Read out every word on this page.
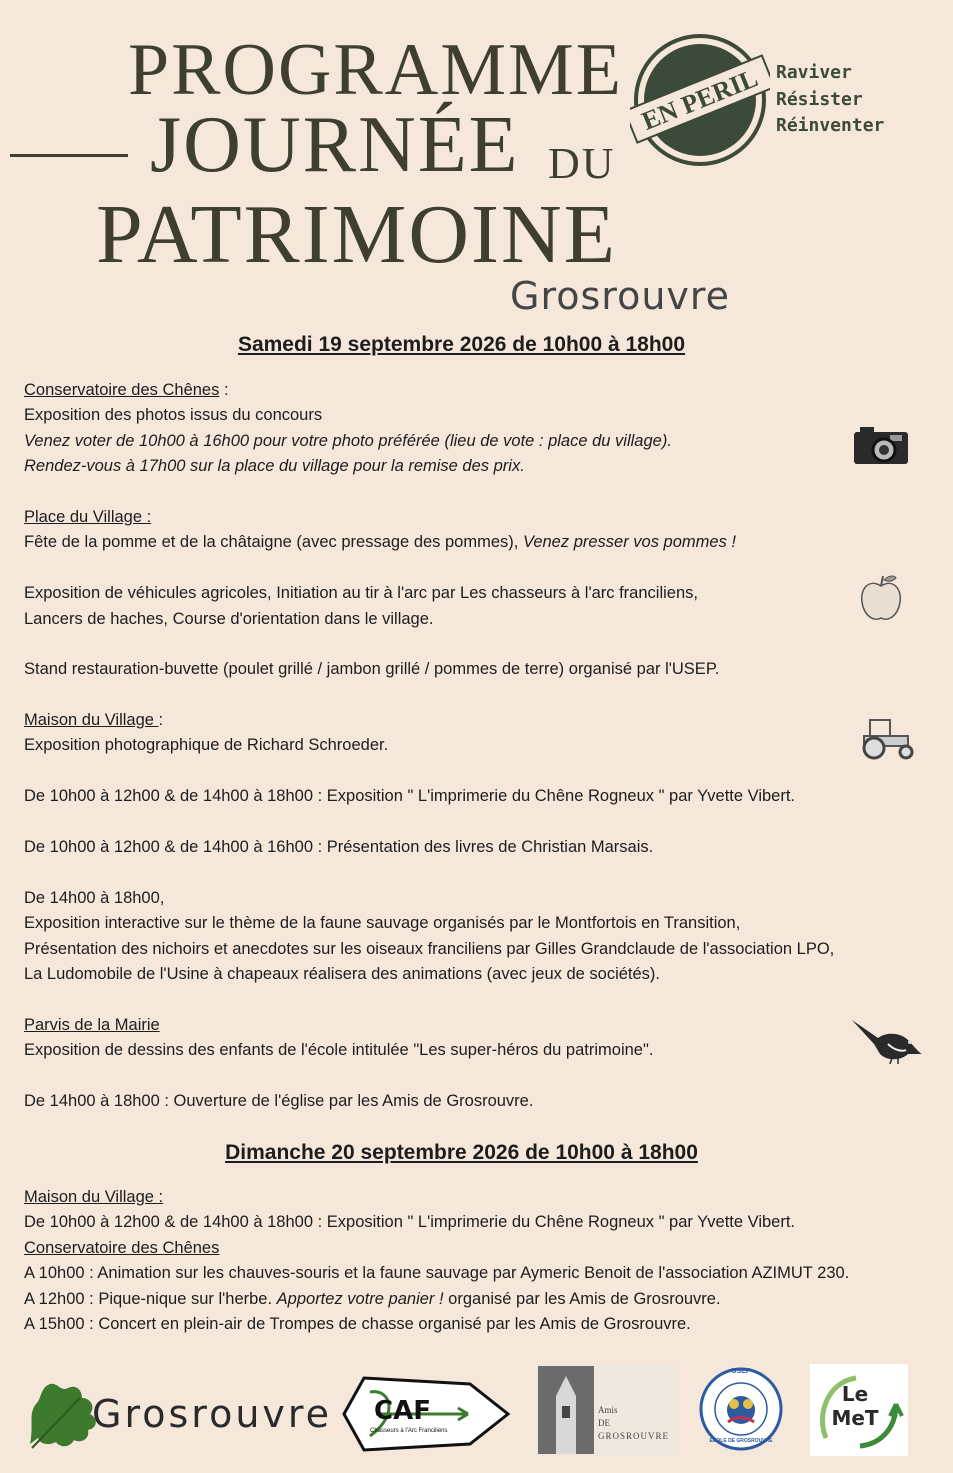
PROGRAMME
JOURNÉE DU
PATRIMOINE
Grosrouvre
EN PERIL Raviver
Résister
Réinventer
Samedi 19 septembre 2026 de 10h00 à 18h00
Conservatoire des Chênes :
Exposition des photos issus du concours
Venez voter de 10h00 à 16h00 pour votre photo préférée (lieu de vote : place du village).
Rendez-vous à 17h00 sur la place du village pour la remise des prix.
Place du Village :
Fête de la pomme et de la châtaigne (avec pressage des pommes), Venez presser vos pommes !
Exposition de véhicules agricoles, Initiation au tir à l'arc par Les chasseurs à l'arc franciliens,
Lancers de haches, Course d'orientation dans le village.
Stand restauration-buvette (poulet grillé / jambon grillé / pommes de terre) organisé par l'USEP.
Maison du Village :
Exposition photographique de Richard Schroeder.
De 10h00 à 12h00 & de 14h00 à 18h00 : Exposition " L'imprimerie du Chêne Rogneux " par Yvette Vibert.
De 10h00 à 12h00 & de 14h00 à 16h00 : Présentation des livres de Christian Marsais.
De 14h00 à 18h00,
Exposition interactive sur le thème de la faune sauvage organisés par le Montfortois en Transition,
Présentation des nichoirs et anecdotes sur les oiseaux franciliens par Gilles Grandclaude de l'association LPO,
La Ludomobile de l'Usine à chapeaux réalisera des animations (avec jeux de sociétés).
Parvis de la Mairie
Exposition de dessins des enfants de l'école intitulée "Les super-héros du patrimoine".
De 14h00 à 18h00 : Ouverture de l'église par les Amis de Grosrouvre.
Dimanche 20 septembre 2026 de 10h00 à 18h00
Maison du Village :
De 10h00 à 12h00 & de 14h00 à 18h00 : Exposition " L'imprimerie du Chêne Rogneux " par Yvette Vibert.
Conservatoire des Chênes
A 10h00 : Animation sur les chauves-souris et la faune sauvage par Aymeric Benoit de l'association AZIMUT 230.
A 12h00 : Pique-nique sur l'herbe. Apportez votre panier ! organisé par les Amis de Grosrouvre.
A 15h00 : Concert en plein-air de Trompes de chasse organisé par les Amis de Grosrouvre.
Grosrouvre CAF
Chasseurs à l'Arc Franciliens
Amis
DE
GROSROUVRE
USEP
ÉCOLE DE GROSROUVRE
Le
MeT
